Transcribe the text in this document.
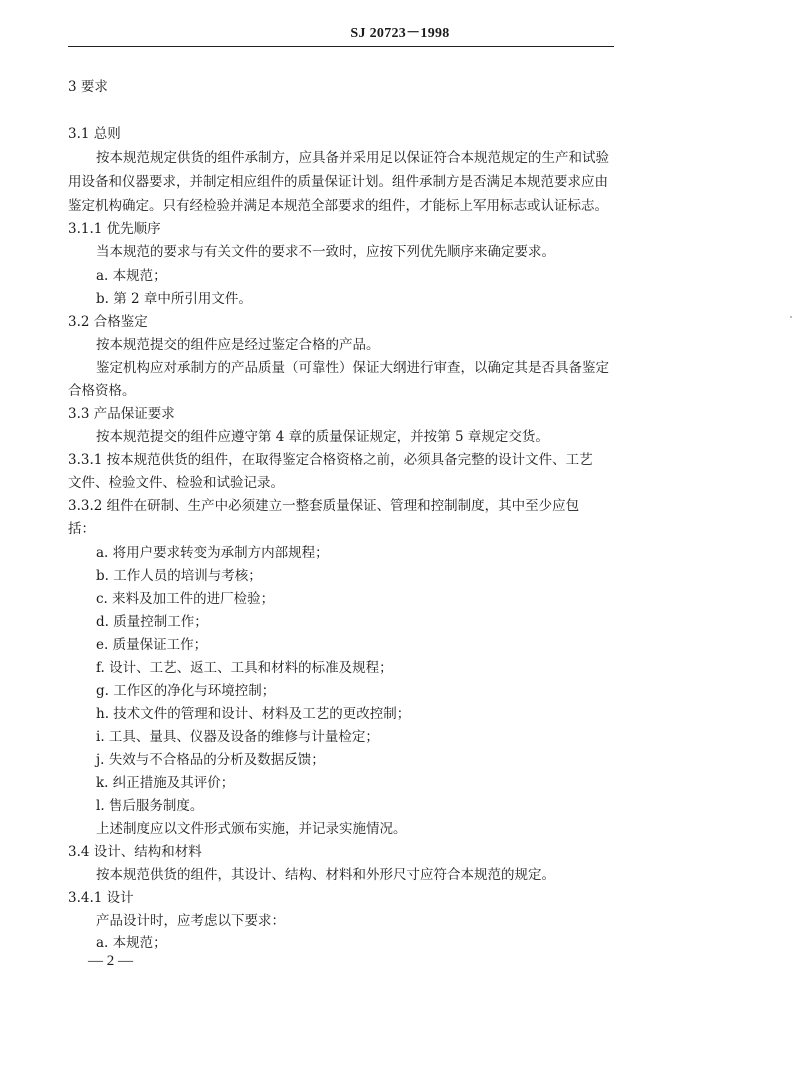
SJ 20723－1998
3 要求
3.1 总则
按本规范规定供货的组件承制方，应具备并采用足以保证符合本规范规定的生产和试验
用设备和仪器要求，并制定相应组件的质量保证计划。组件承制方是否满足本规范要求应由
鉴定机构确定。只有经检验并满足本规范全部要求的组件，才能标上军用标志或认证标志。
3.1.1 优先顺序
当本规范的要求与有关文件的要求不一致时，应按下列优先顺序来确定要求。
a. 本规范；
b. 第 2 章中所引用文件。
3.2 合格鉴定
按本规范提交的组件应是经过鉴定合格的产品。
鉴定机构应对承制方的产品质量（可靠性）保证大纲进行审查，以确定其是否具备鉴定
合格资格。
3.3 产品保证要求
按本规范提交的组件应遵守第 4 章的质量保证规定，并按第 5 章规定交货。
3.3.1 按本规范供货的组件，在取得鉴定合格资格之前，必须具备完整的设计文件、工艺
文件、检验文件、检验和试验记录。
3.3.2 组件在研制、生产中必须建立一整套质量保证、管理和控制制度，其中至少应包
括：
a. 将用户要求转变为承制方内部规程；
b. 工作人员的培训与考核；
c. 来料及加工件的进厂检验；
d. 质量控制工作；
e. 质量保证工作；
f. 设计、工艺、返工、工具和材料的标准及规程；
g. 工作区的净化与环境控制；
h. 技术文件的管理和设计、材料及工艺的更改控制；
i. 工具、量具、仪器及设备的维修与计量检定；
j. 失效与不合格品的分析及数据反馈；
k. 纠正措施及其评价；
l. 售后服务制度。
上述制度应以文件形式颁布实施，并记录实施情况。
3.4 设计、结构和材料
按本规范供货的组件，其设计、结构、材料和外形尺寸应符合本规范的规定。
3.4.1 设计
产品设计时，应考虑以下要求：
a. 本规范；
— 2 —
